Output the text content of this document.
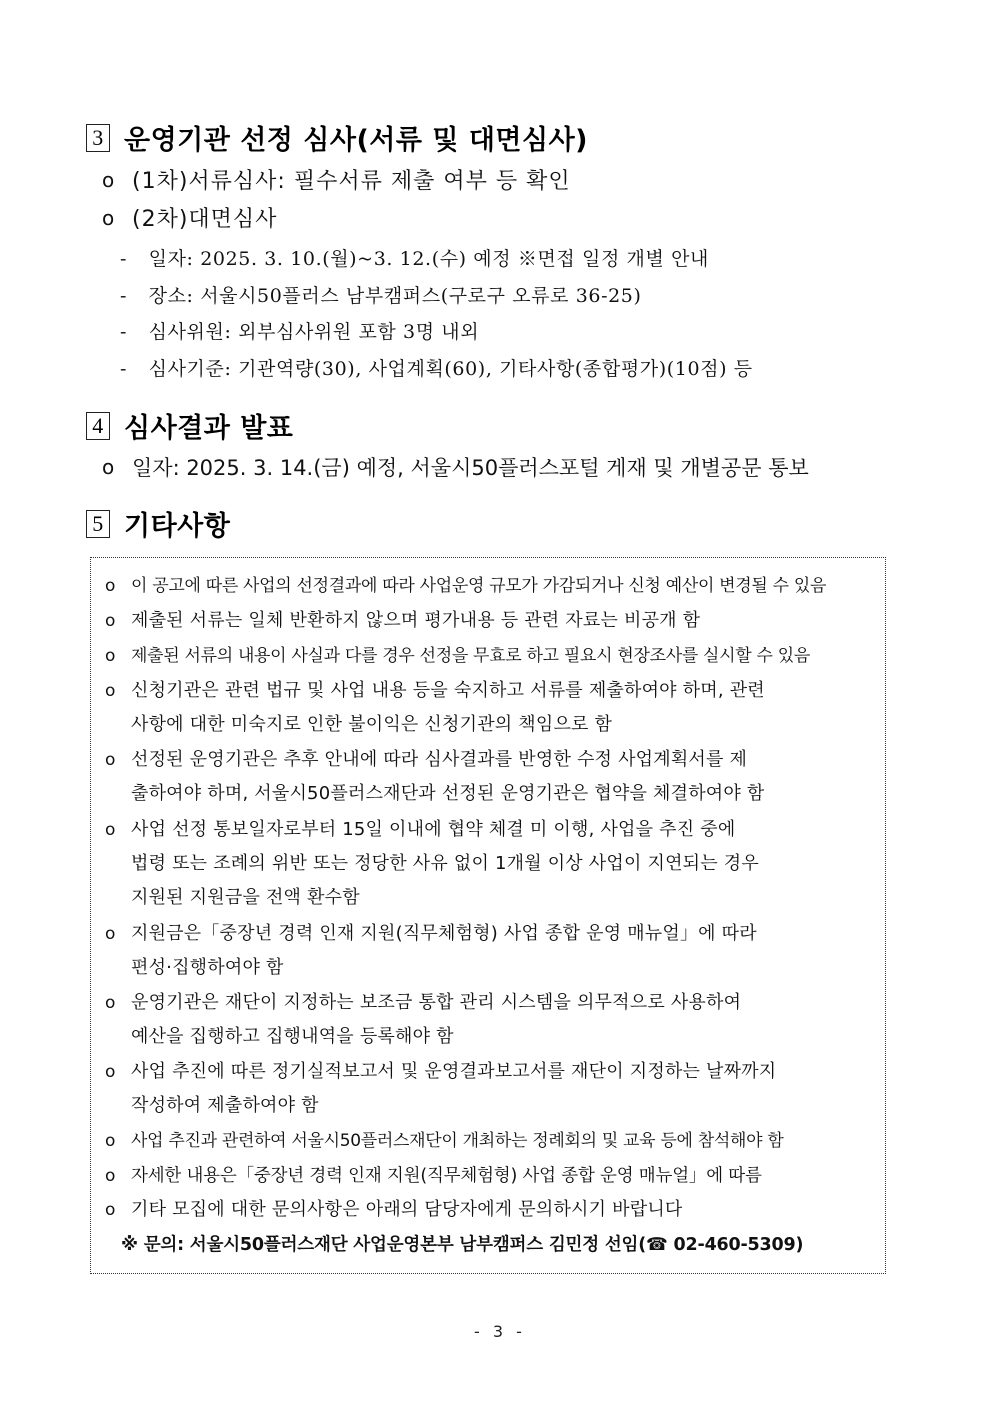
3 운영기관 선정 심사(서류 및 대면심사)
o (1차)서류심사: 필수서류 제출 여부 등 확인
o (2차)대면심사
- 일자: 2025. 3. 10.(월)~3. 12.(수) 예정 ※면접 일정 개별 안내
- 장소: 서울시50플러스 남부캠퍼스(구로구 오류로 36-25)
- 심사위원: 외부심사위원 포함 3명 내외
- 심사기준: 기관역량(30), 사업계획(60), 기타사항(종합평가)(10점) 등
4 심사결과 발표
o 일자: 2025. 3. 14.(금) 예정, 서울시50플러스포털 게재 및 개별공문 통보
5 기타사항
o 이 공고에 따른 사업의 선정결과에 따라 사업운영 규모가 가감되거나 신청 예산이 변경될 수 있음
o 제출된 서류는 일체 반환하지 않으며 평가내용 등 관련 자료는 비공개 함
o 제출된 서류의 내용이 사실과 다를 경우 선정을 무효로 하고 필요시 현장조사를 실시할 수 있음
o 신청기관은 관련 법규 및 사업 내용 등을 숙지하고 서류를 제출하여야 하며, 관련
사항에 대한 미숙지로 인한 불이익은 신청기관의 책임으로 함
o 선정된 운영기관은 추후 안내에 따라 심사결과를 반영한 수정 사업계획서를 제
출하여야 하며, 서울시50플러스재단과 선정된 운영기관은 협약을 체결하여야 함
o 사업 선정 통보일자로부터 15일 이내에 협약 체결 미 이행, 사업을 추진 중에
법령 또는 조례의 위반 또는 정당한 사유 없이 1개월 이상 사업이 지연되는 경우
지원된 지원금을 전액 환수함
o 지원금은「중장년 경력 인재 지원(직무체험형) 사업 종합 운영 매뉴얼」에 따라
편성·집행하여야 함
o 운영기관은 재단이 지정하는 보조금 통합 관리 시스템을 의무적으로 사용하여
예산을 집행하고 집행내역을 등록해야 함
o 사업 추진에 따른 정기실적보고서 및 운영결과보고서를 재단이 지정하는 날짜까지
작성하여 제출하여야 함
o 사업 추진과 관련하여 서울시50플러스재단이 개최하는 정례회의 및 교육 등에 참석해야 함
o 자세한 내용은「중장년 경력 인재 지원(직무체험형) 사업 종합 운영 매뉴얼」에 따름
o 기타 모집에 대한 문의사항은 아래의 담당자에게 문의하시기 바랍니다
※ 문의: 서울시50플러스재단 사업운영본부 남부캠퍼스 김민정 선임(☎ 02-460-5309)
- 3 -
